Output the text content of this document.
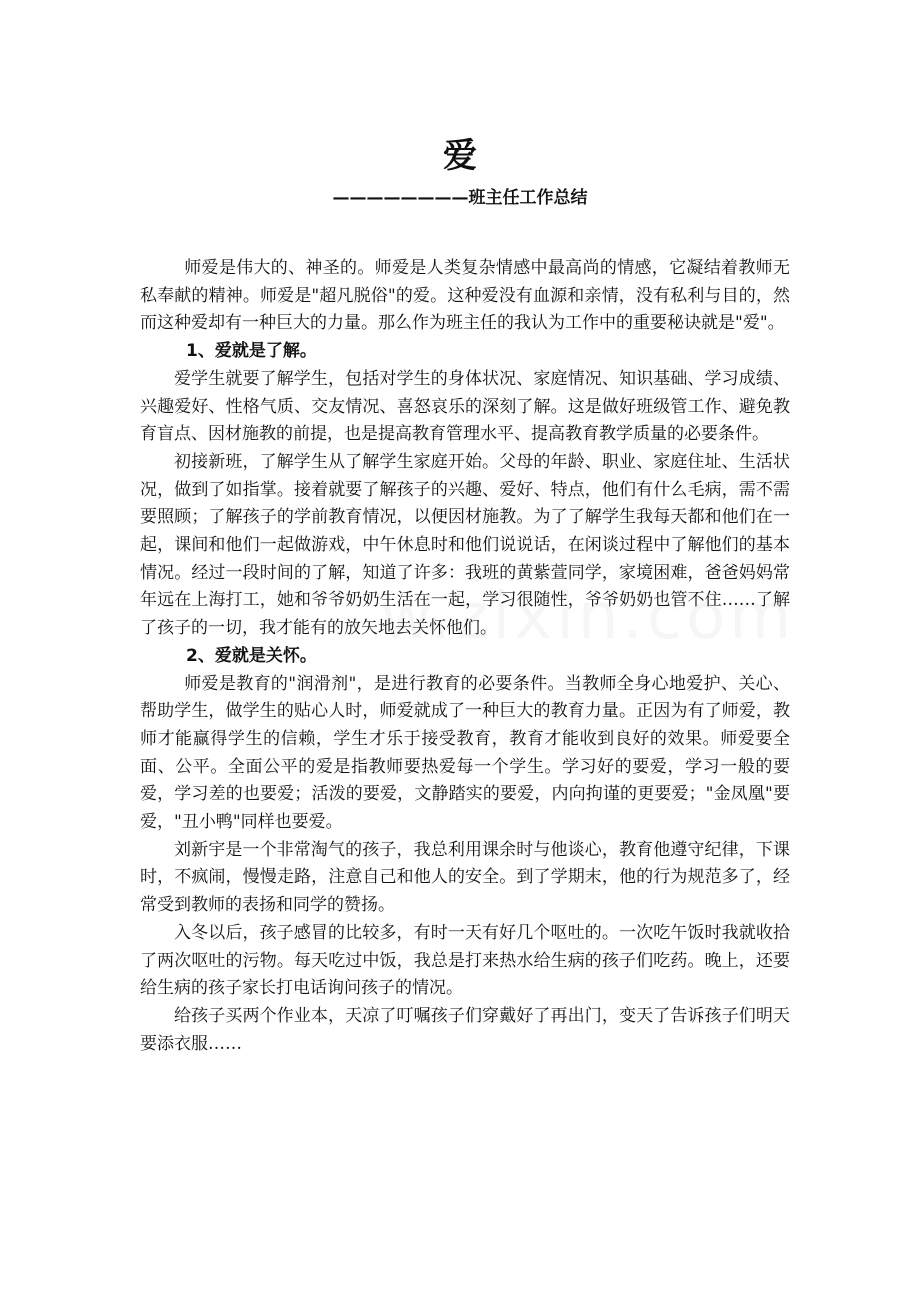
爱
————————班主任工作总结

师爱是伟大的、神圣的。师爱是人类复杂情感中最高尚的情感，它凝结着教师无私奉献的精神。师爱是"超凡脱俗"的爱。这种爱没有血源和亲情，没有私利与目的，然而这种爱却有一种巨大的力量。那么作为班主任的我认为工作中的重要秘诀就是"爱"。

1、爱就是了解。

爱学生就要了解学生，包括对学生的身体状况、家庭情况、知识基础、学习成绩、兴趣爱好、性格气质、交友情况、喜怒哀乐的深刻了解。这是做好班级管工作、避免教育盲点、因材施教的前提，也是提高教育管理水平、提高教育教学质量的必要条件。

初接新班，了解学生从了解学生家庭开始。父母的年龄、职业、家庭住址、生活状况，做到了如指掌。接着就要了解孩子的兴趣、爱好、特点，他们有什么毛病，需不需要照顾；了解孩子的学前教育情况，以便因材施教。为了了解学生我每天都和他们在一起，课间和他们一起做游戏，中午休息时和他们说说话，在闲谈过程中了解他们的基本情况。经过一段时间的了解，知道了许多：我班的黄紫萱同学，家境困难，爸爸妈妈常年远在上海打工，她和爷爷奶奶生活在一起，学习很随性，爷爷奶奶也管不住……了解了孩子的一切，我才能有的放矢地去关怀他们。

2、爱就是关怀。

师爱是教育的"润滑剂"，是进行教育的必要条件。当教师全身心地爱护、关心、帮助学生，做学生的贴心人时，师爱就成了一种巨大的教育力量。正因为有了师爱，教师才能赢得学生的信赖，学生才乐于接受教育，教育才能收到良好的效果。师爱要全面、公平。全面公平的爱是指教师要热爱每一个学生。学习好的要爱，学习一般的要爱，学习差的也要爱；活泼的要爱，文静踏实的要爱，内向拘谨的更要爱；"金凤凰"要爱，"丑小鸭"同样也要爱。

刘新宇是一个非常淘气的孩子，我总利用课余时与他谈心，教育他遵守纪律，下课时，不疯闹，慢慢走路，注意自己和他人的安全。到了学期末，他的行为规范多了，经常受到教师的表扬和同学的赞扬。

入冬以后，孩子感冒的比较多，有时一天有好几个呕吐的。一次吃午饭时我就收拾了两次呕吐的污物。每天吃过中饭，我总是打来热水给生病的孩子们吃药。晚上，还要给生病的孩子家长打电话询问孩子的情况。

给孩子买两个作业本，天凉了叮嘱孩子们穿戴好了再出门，变天了告诉孩子们明天要添衣服……
